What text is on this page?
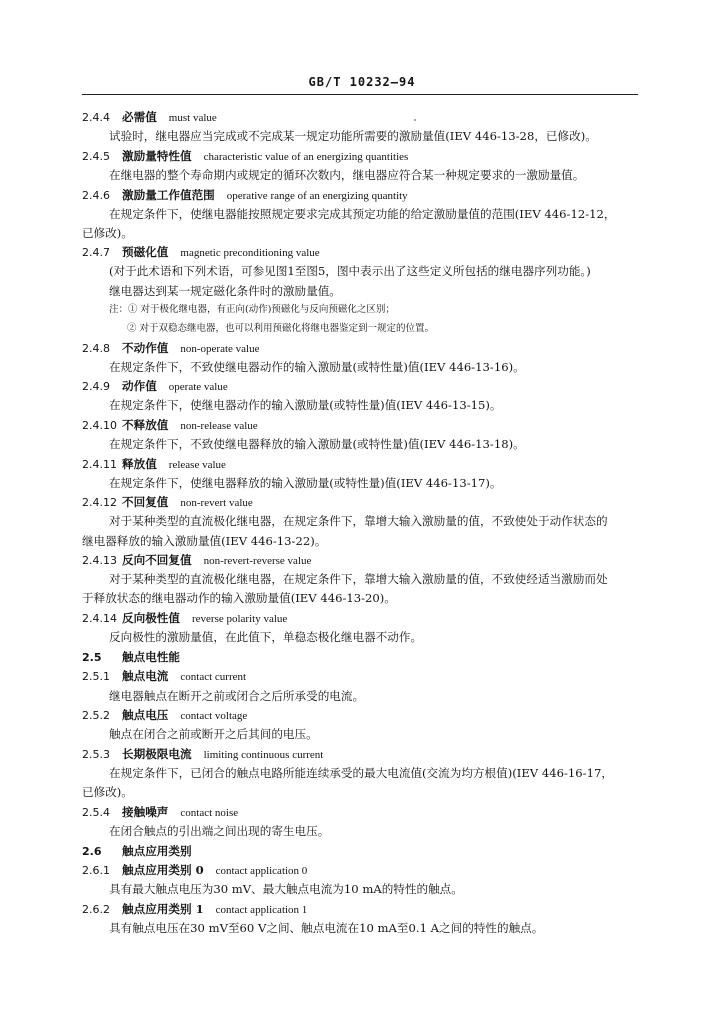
GB/T 10232—94
2.4.4 必需值 must value
试验时，继电器应当完成或不完成某一规定功能所需要的激励量值(IEV 446-13-28，已修改)。
2.4.5 激励量特性值 characteristic value of an energizing quantities
在继电器的整个寿命期内或规定的循环次数内，继电器应符合某一种规定要求的一激励量值。
2.4.6 激励量工作值范围 operative range of an energizing quantity
在规定条件下，使继电器能按照规定要求完成其预定功能的给定激励量值的范围(IEV 446-12-12，
已修改)。
2.4.7 预磁化值 magnetic preconditioning value
(对于此术语和下列术语，可参见图1至图5，图中表示出了这些定义所包括的继电器序列功能。)
继电器达到某一规定磁化条件时的激励量值。
注：① 对于极化继电器，有正向(动作)预磁化与反向预磁化之区别；
② 对于双稳态继电器，也可以利用预磁化将继电器鉴定到一规定的位置。
2.4.8 不动作值 non-operate value
在规定条件下，不致使继电器动作的输入激励量(或特性量)值(IEV 446-13-16)。
2.4.9 动作值 operate value
在规定条件下，使继电器动作的输入激励量(或特性量)值(IEV 446-13-15)。
2.4.10 不释放值 non-release value
在规定条件下，不致使继电器释放的输入激励量(或特性量)值(IEV 446-13-18)。
2.4.11 释放值 release value
在规定条件下，使继电器释放的输入激励量(或特性量)值(IEV 446-13-17)。
2.4.12 不回复值 non-revert value
对于某种类型的直流极化继电器，在规定条件下，靠增大输入激励量的值，不致使处于动作状态的
继电器释放的输入激励量值(IEV 446-13-22)。
2.4.13 反向不回复值 non-revert-reverse value
对于某种类型的直流极化继电器，在规定条件下，靠增大输入激励量的值，不致使经适当激励而处
于释放状态的继电器动作的输入激励量值(IEV 446-13-20)。
2.4.14 反向极性值 reverse polarity value
反向极性的激励量值，在此值下，单稳态极化继电器不动作。
2.5 触点电性能
2.5.1 触点电流 contact current
继电器触点在断开之前或闭合之后所承受的电流。
2.5.2 触点电压 contact voltage
触点在闭合之前或断开之后其间的电压。
2.5.3 长期极限电流 limiting continuous current
在规定条件下，已闭合的触点电路所能连续承受的最大电流值(交流为均方根值)(IEV 446-16-17，
已修改)。
2.5.4 接触噪声 contact noise
在闭合触点的引出端之间出现的寄生电压。
2.6 触点应用类别
2.6.1 触点应用类别 0 contact application 0
具有最大触点电压为30 mV、最大触点电流为10 mA的特性的触点。
2.6.2 触点应用类别 1 contact application 1
具有触点电压在30 mV至60 V之间、触点电流在10 mA至0.1 A之间的特性的触点。
